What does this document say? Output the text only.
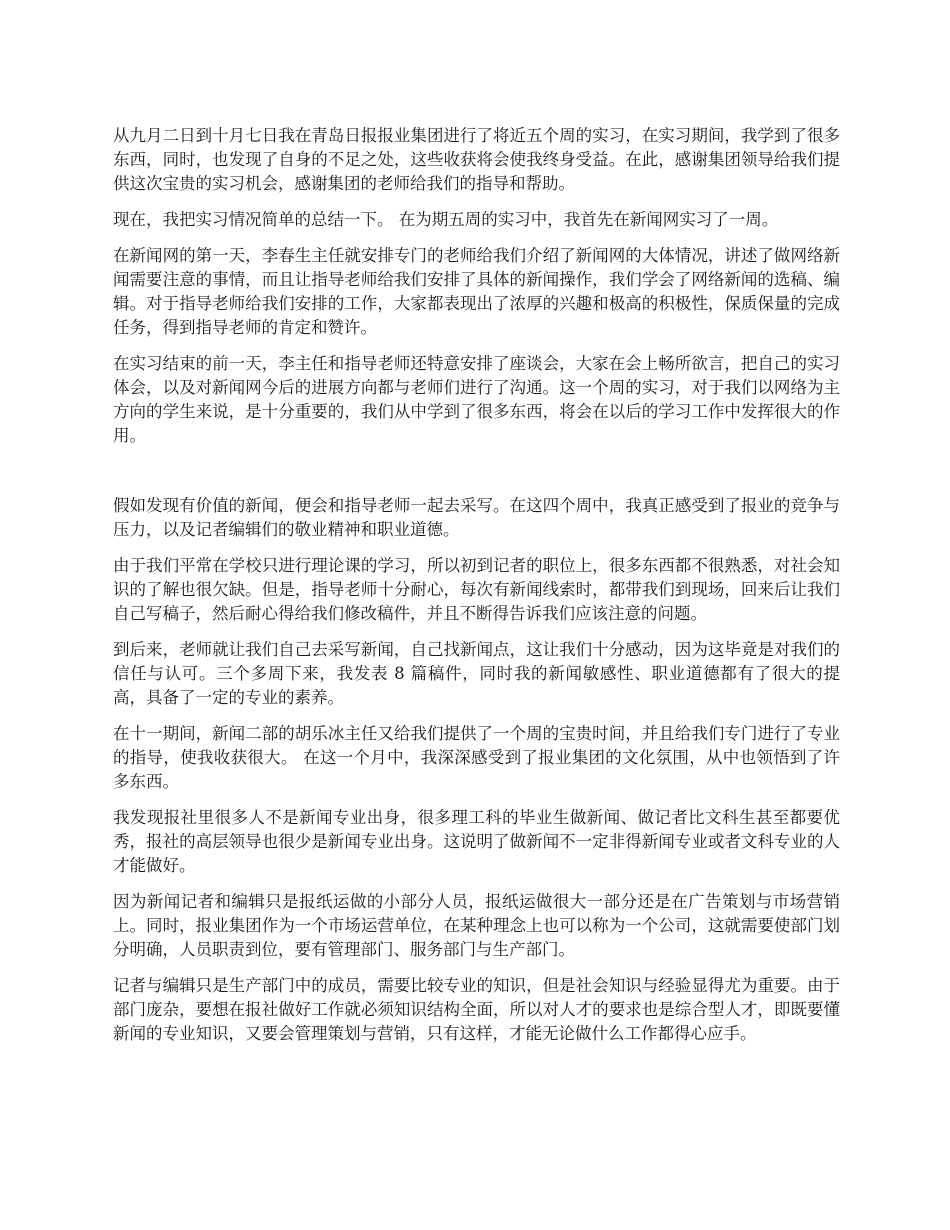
从九月二日到十月七日我在青岛日报报业集团进行了将近五个周的实习，在实习期间，我学到了很多东西，同时，也发现了自身的不足之处，这些收获将会使我终身受益。在此，感谢集团领导给我们提供这次宝贵的实习机会，感谢集团的老师给我们的指导和帮助。

现在，我把实习情况简单的总结一下。 在为期五周的实习中，我首先在新闻网实习了一周。

在新闻网的第一天，李春生主任就安排专门的老师给我们介绍了新闻网的大体情况，讲述了做网络新闻需要注意的事情，而且让指导老师给我们安排了具体的新闻操作，我们学会了网络新闻的选稿、编辑。对于指导老师给我们安排的工作，大家都表现出了浓厚的兴趣和极高的积极性，保质保量的完成任务，得到指导老师的肯定和赞许。

在实习结束的前一天，李主任和指导老师还特意安排了座谈会，大家在会上畅所欲言，把自己的实习体会，以及对新闻网今后的进展方向都与老师们进行了沟通。这一个周的实习，对于我们以网络为主方向的学生来说，是十分重要的，我们从中学到了很多东西，将会在以后的学习工作中发挥很大的作用。

假如发现有价值的新闻，便会和指导老师一起去采写。在这四个周中，我真正感受到了报业的竞争与压力，以及记者编辑们的敬业精神和职业道德。

由于我们平常在学校只进行理论课的学习，所以初到记者的职位上，很多东西都不很熟悉，对社会知识的了解也很欠缺。但是，指导老师十分耐心，每次有新闻线索时，都带我们到现场，回来后让我们自己写稿子，然后耐心得给我们修改稿件，并且不断得告诉我们应该注意的问题。

到后来，老师就让我们自己去采写新闻，自己找新闻点，这让我们十分感动，因为这毕竟是对我们的信任与认可。三个多周下来，我发表 8 篇稿件，同时我的新闻敏感性、职业道德都有了很大的提高，具备了一定的专业的素养。

在十一期间，新闻二部的胡乐冰主任又给我们提供了一个周的宝贵时间，并且给我们专门进行了专业的指导，使我收获很大。 在这一个月中，我深深感受到了报业集团的文化氛围，从中也领悟到了许多东西。

我发现报社里很多人不是新闻专业出身，很多理工科的毕业生做新闻、做记者比文科生甚至都要优秀，报社的高层领导也很少是新闻专业出身。这说明了做新闻不一定非得新闻专业或者文科专业的人才能做好。

因为新闻记者和编辑只是报纸运做的小部分人员，报纸运做很大一部分还是在广告策划与市场营销上。同时，报业集团作为一个市场运营单位，在某种理念上也可以称为一个公司，这就需要使部门划分明确，人员职责到位，要有管理部门、服务部门与生产部门。

记者与编辑只是生产部门中的成员，需要比较专业的知识，但是社会知识与经验显得尤为重要。由于部门庞杂，要想在报社做好工作就必须知识结构全面，所以对人才的要求也是综合型人才，即既要懂新闻的专业知识，又要会管理策划与营销，只有这样，才能无论做什么工作都得心应手。
